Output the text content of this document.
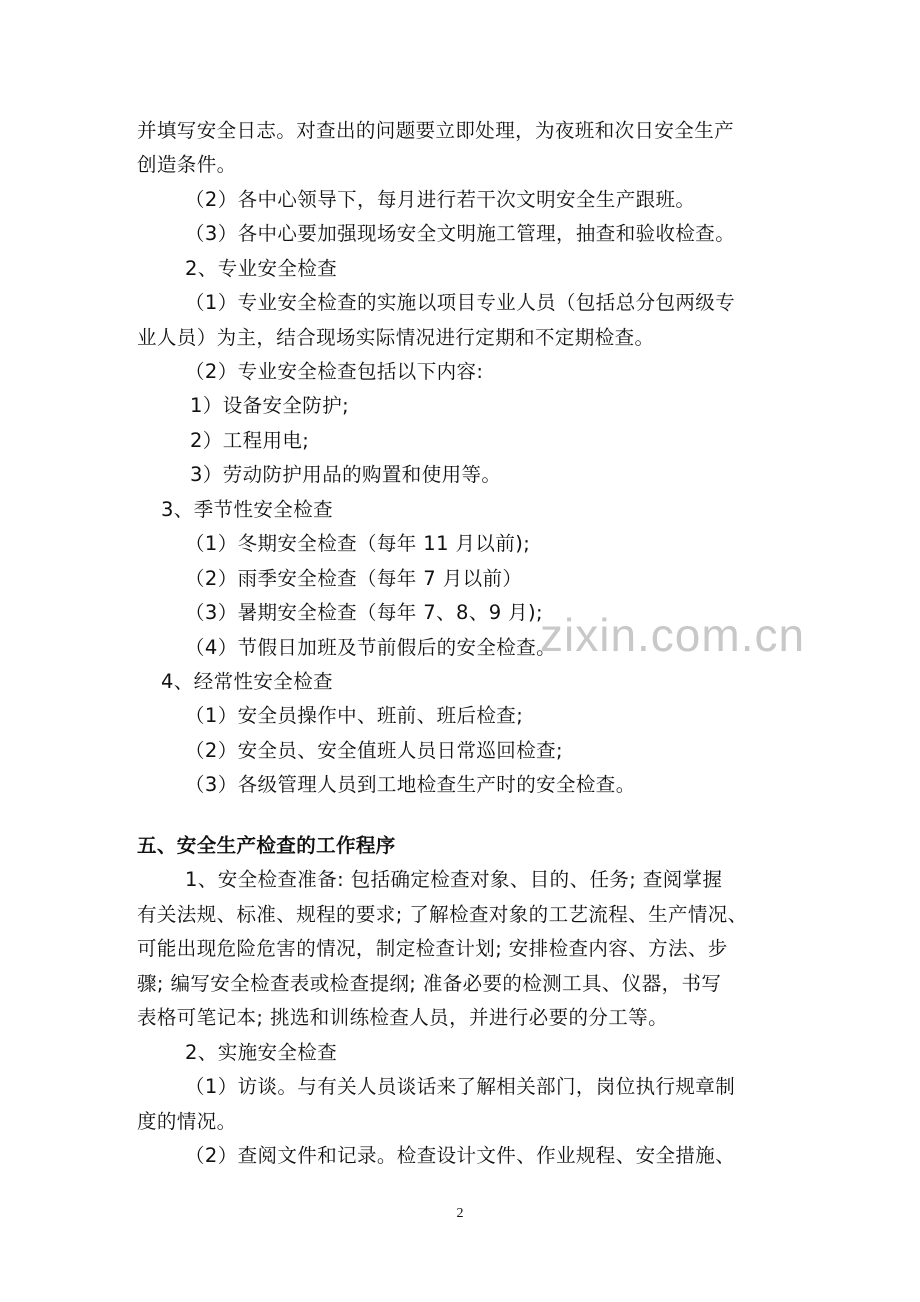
并填写安全日志。对查出的问题要立即处理，为夜班和次日安全生产
创造条件。
（2）各中心领导下，每月进行若干次文明安全生产跟班。
（3）各中心要加强现场安全文明施工管理，抽查和验收检查。
2、专业安全检查
（1）专业安全检查的实施以项目专业人员（包括总分包两级专
业人员）为主，结合现场实际情况进行定期和不定期检查。
（2）专业安全检查包括以下内容:
1）设备安全防护;
2）工程用电;
3）劳动防护用品的购置和使用等。
3、季节性安全检查
（1）冬期安全检查（每年 11 月以前);
（2）雨季安全检查（每年 7 月以前）
（3）暑期安全检查（每年 7、8、9 月);
（4）节假日加班及节前假后的安全检查。
4、经常性安全检查
（1）安全员操作中、班前、班后检查;
（2）安全员、安全值班人员日常巡回检查;
（3）各级管理人员到工地检查生产时的安全检查。
五、安全生产检查的工作程序
1、安全检查准备: 包括确定检查对象、目的、任务; 查阅掌握
有关法规、标准、规程的要求; 了解检查对象的工艺流程、生产情况、
可能出现危险危害的情况，制定检查计划; 安排检查内容、方法、步
骤; 编写安全检查表或检查提纲; 准备必要的检测工具、仪器，书写
表格可笔记本; 挑选和训练检查人员，并进行必要的分工等。
2、实施安全检查
（1）访谈。与有关人员谈话来了解相关部门，岗位执行规章制
度的情况。
（2）查阅文件和记录。检查设计文件、作业规程、安全措施、
zixin.com.cn
2
